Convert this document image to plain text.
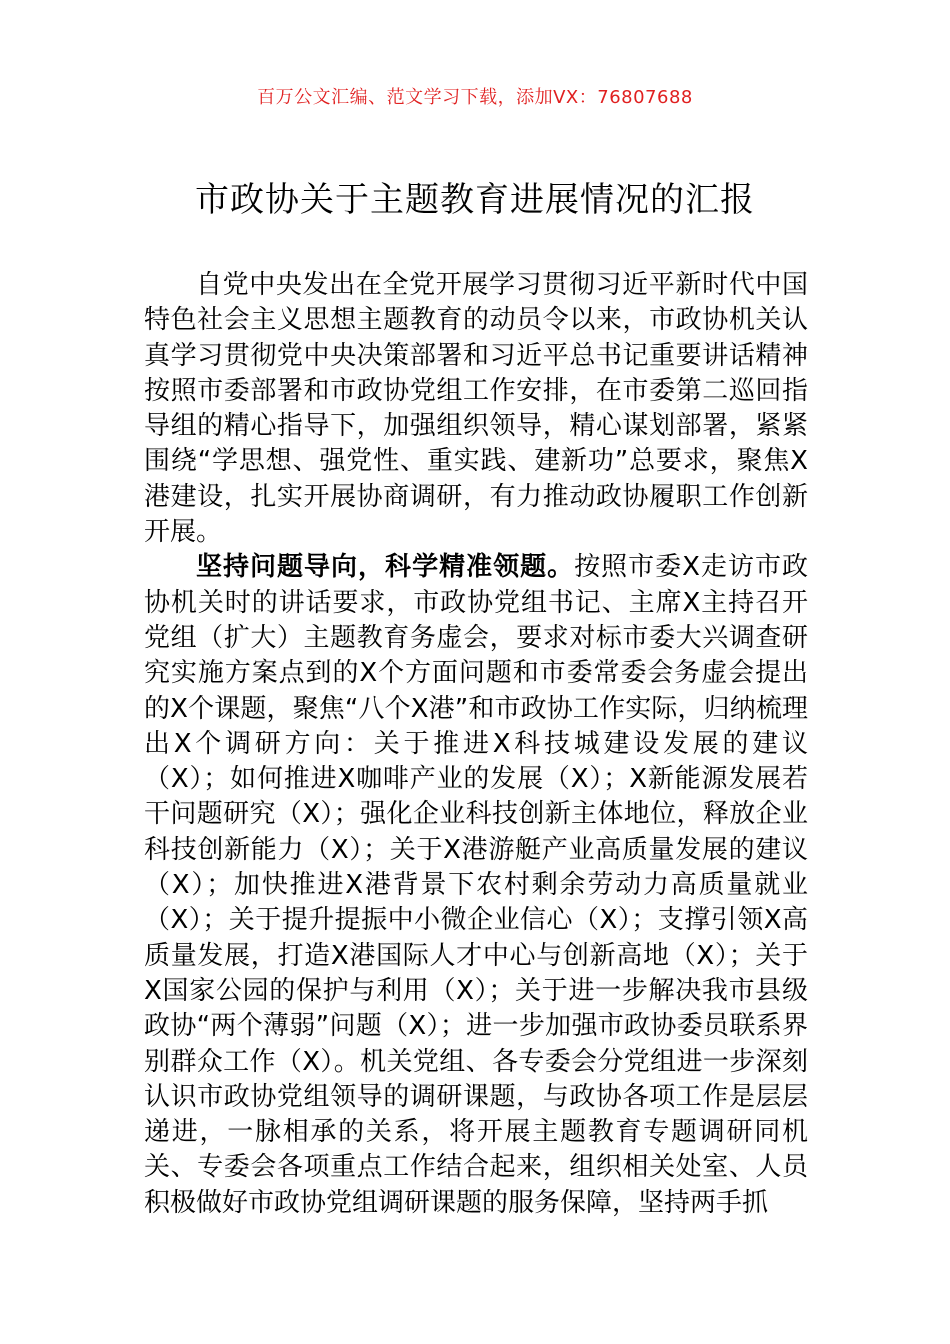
百万公文汇编、范文学习下载，添加VX：76807688
市政协关于主题教育进展情况的汇报

自党中央发出在全党开展学习贯彻习近平新时代中国特色社会主义思想主题教育的动员令以来，市政协机关认真学习贯彻党中央决策部署和习近平总书记重要讲话精神按照市委部署和市政协党组工作安排，在市委第二巡回指导组的精心指导下，加强组织领导，精心谋划部署，紧紧围绕“学思想、强党性、重实践、建新功”总要求，聚焦X港建设，扎实开展协商调研，有力推动政协履职工作创新开展。

坚持问题导向，科学精准领题。按照市委X走访市政协机关时的讲话要求，市政协党组书记、主席X主持召开党组（扩大）主题教育务虚会，要求对标市委大兴调查研究实施方案点到的X个方面问题和市委常委会务虚会提出的X个课题，聚焦“八个X港”和市政协工作实际，归纳梳理出X个调研方向：关于推进X科技城建设发展的建议（X）；如何推进X咖啡产业的发展（X）；X新能源发展若干问题研究（X）；强化企业科技创新主体地位，释放企业科技创新能力（X）；关于X港游艇产业高质量发展的建议（X）；加快推进X港背景下农村剩余劳动力高质量就业（X）；关于提升提振中小微企业信心（X）；支撑引领X高质量发展，打造X港国际人才中心与创新高地（X）；关于X国家公园的保护与利用（X）；关于进一步解决我市县级政协“两个薄弱”问题（X）；进一步加强市政协委员联系界别群众工作（X）。机关党组、各专委会分党组进一步深刻认识市政协党组领导的调研课题，与政协各项工作是层层递进，一脉相承的关系，将开展主题教育专题调研同机关、专委会各项重点工作结合起来，组织相关处室、人员积极做好市政协党组调研课题的服务保障，坚持两手抓
